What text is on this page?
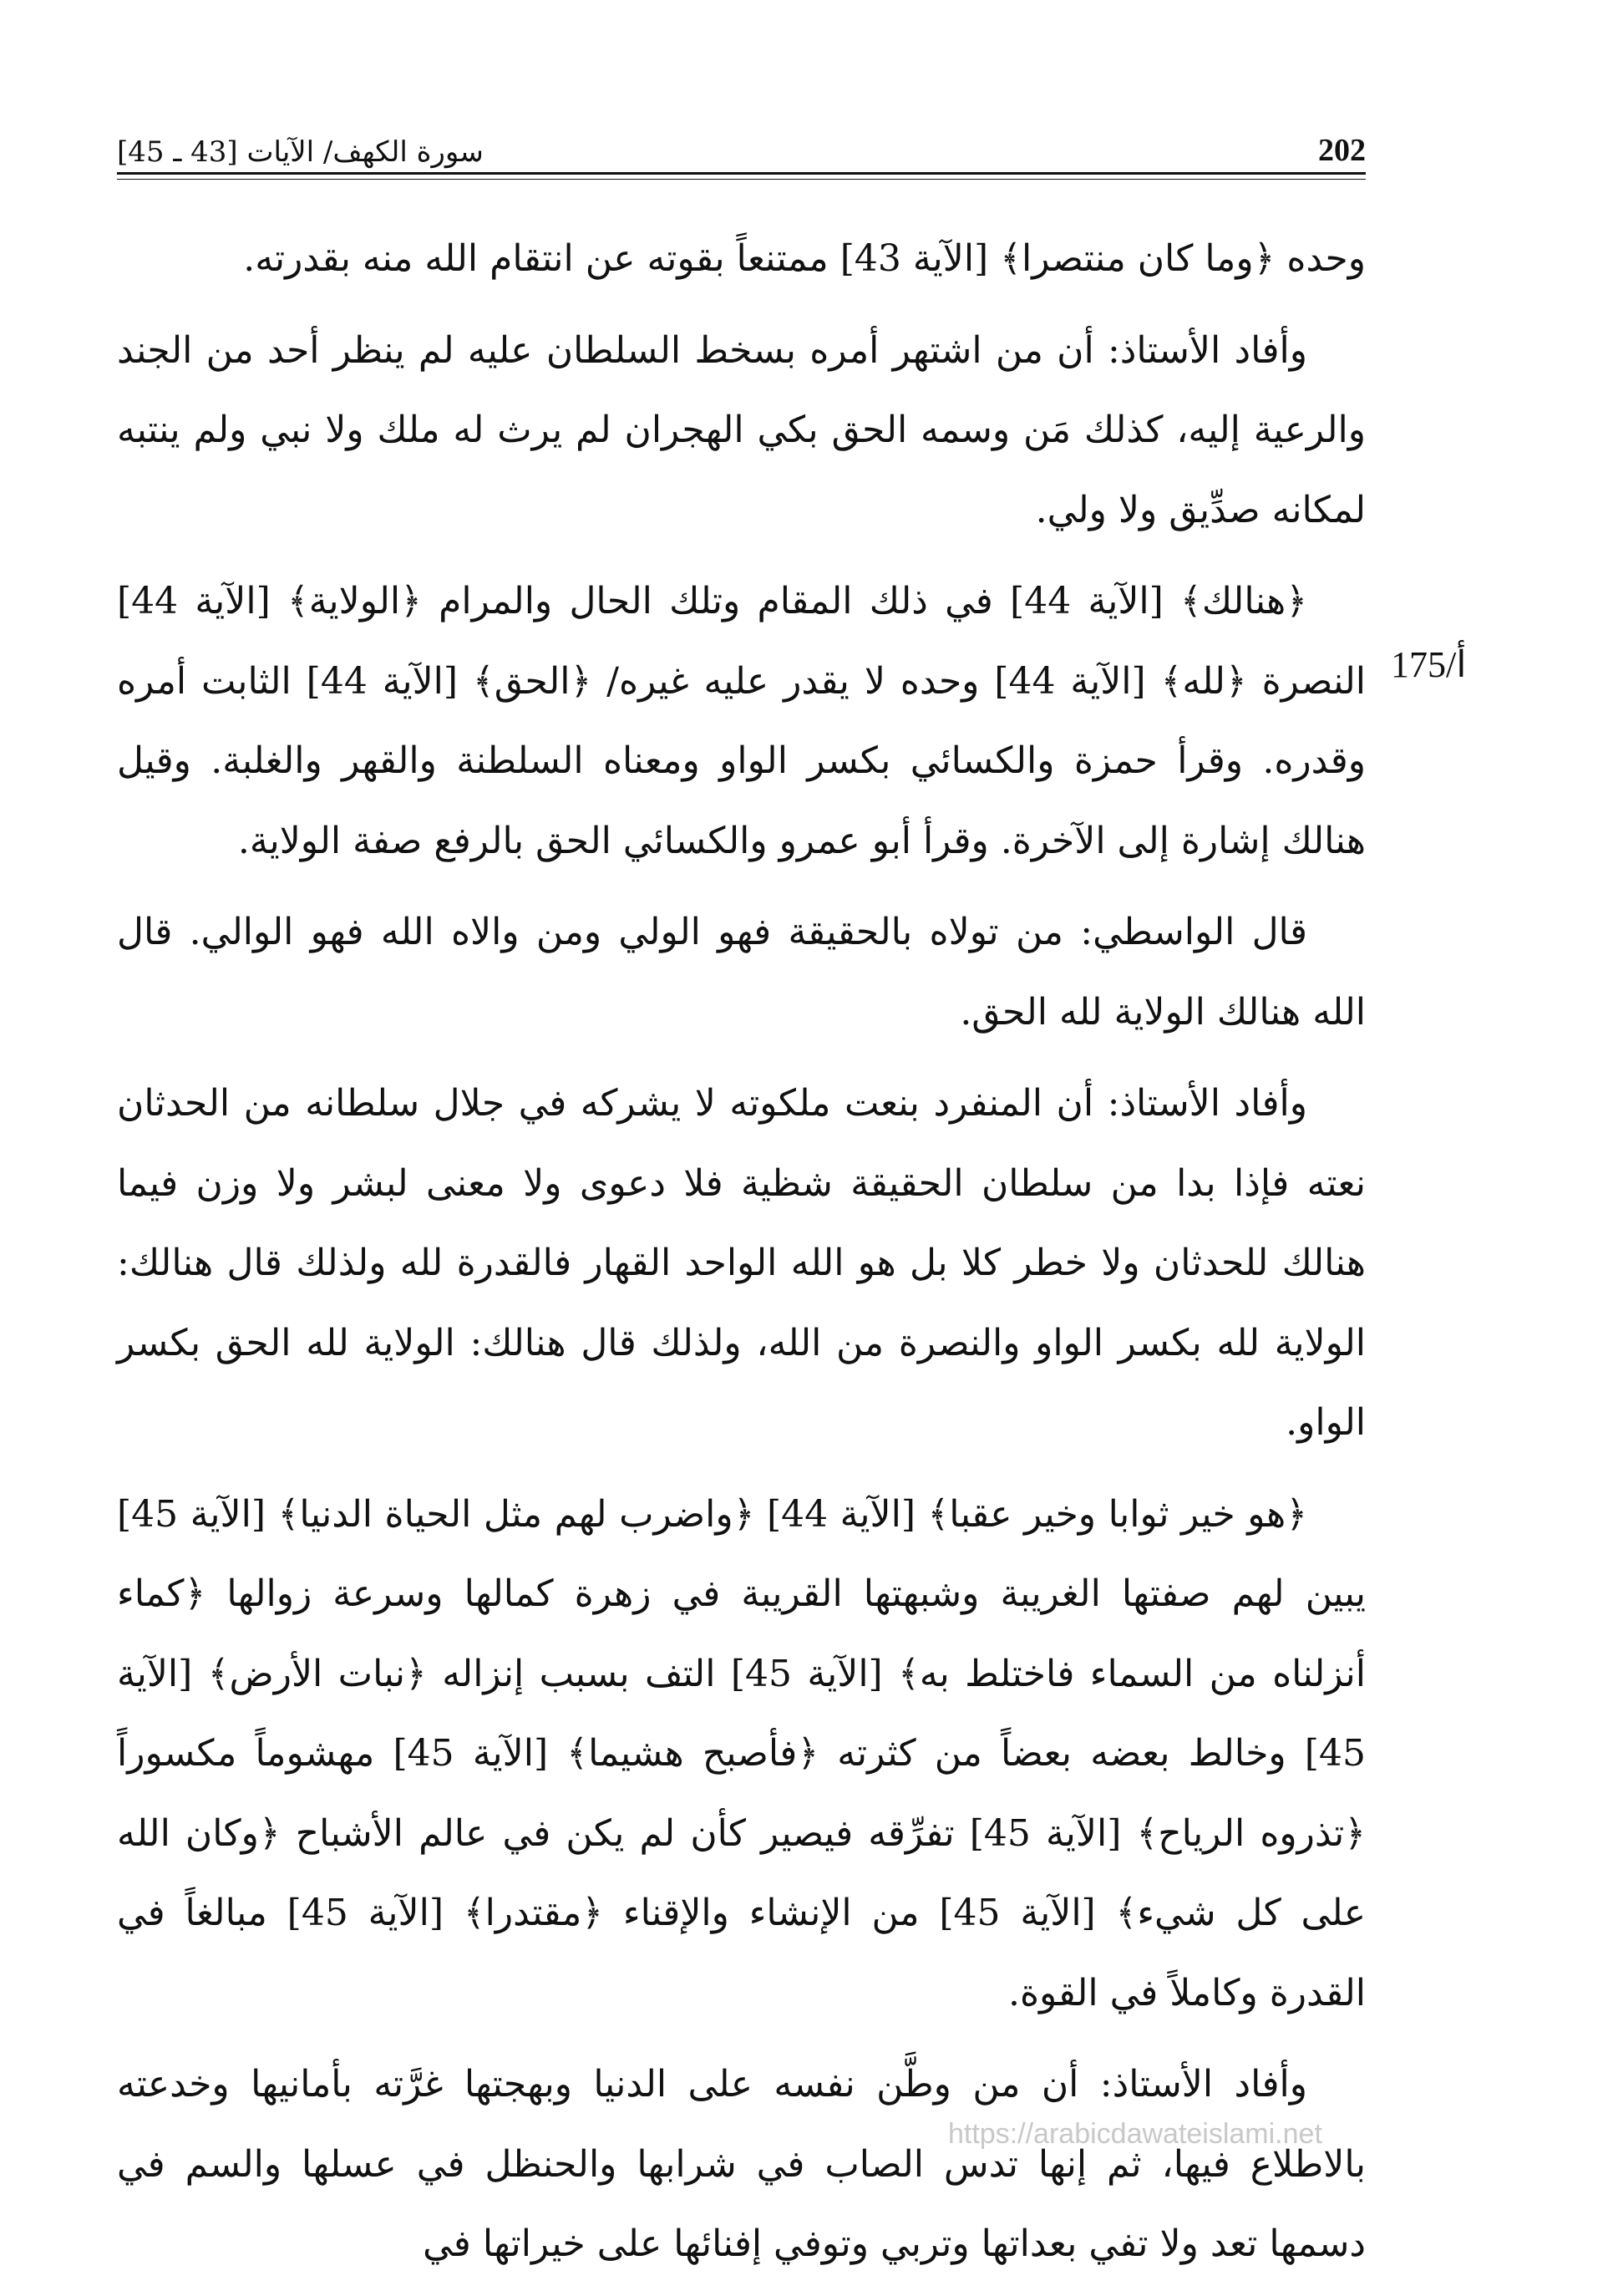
202
سورة الكهف/ الآيات [43 ـ 45]
175/أ

وحده ﴿وما كان منتصرا﴾ [الآية 43] ممتنعاً بقوته عن انتقام الله منه بقدرته.

وأفاد الأستاذ: أن من اشتهر أمره بسخط السلطان عليه لم ينظر أحد من الجند والرعية إليه، كذلك مَن وسمه الحق بكي الهجران لم يرث له ملك ولا نبي ولم ينتبه لمكانه صدِّيق ولا ولي.

﴿هنالك﴾ [الآية 44] في ذلك المقام وتلك الحال والمرام ﴿الولاية﴾ [الآية 44] النصرة ﴿لله﴾ [الآية 44] وحده لا يقدر عليه غيره/ ﴿الحق﴾ [الآية 44] الثابت أمره وقدره. وقرأ حمزة والكسائي بكسر الواو ومعناه السلطنة والقهر والغلبة. وقيل هنالك إشارة إلى الآخرة. وقرأ أبو عمرو والكسائي الحق بالرفع صفة الولاية.

قال الواسطي: من تولاه بالحقيقة فهو الولي ومن والاه الله فهو الوالي. قال الله هنالك الولاية لله الحق.

وأفاد الأستاذ: أن المنفرد بنعت ملكوته لا يشركه في جلال سلطانه من الحدثان نعته فإذا بدا من سلطان الحقيقة شظية فلا دعوى ولا معنى لبشر ولا وزن فيما هنالك للحدثان ولا خطر كلا بل هو الله الواحد القهار فالقدرة لله ولذلك قال هنالك: الولاية لله بكسر الواو والنصرة من الله، ولذلك قال هنالك: الولاية لله الحق بكسر الواو.

﴿هو خير ثوابا وخير عقبا﴾ [الآية 44] ﴿واضرب لهم مثل الحياة الدنيا﴾ [الآية 45] يبين لهم صفتها الغريبة وشبهتها القريبة في زهرة كمالها وسرعة زوالها ﴿كماء أنزلناه من السماء فاختلط به﴾ [الآية 45] التف بسبب إنزاله ﴿نبات الأرض﴾ [الآية 45] وخالط بعضه بعضاً من كثرته ﴿فأصبح هشيما﴾ [الآية 45] مهشوماً مكسوراً ﴿تذروه الرياح﴾ [الآية 45] تفرِّقه فيصير كأن لم يكن في عالم الأشباح ﴿وكان الله على كل شيء﴾ [الآية 45] من الإنشاء والإقناء ﴿مقتدرا﴾ [الآية 45] مبالغاً في القدرة وكاملاً في القوة.

وأفاد الأستاذ: أن من وطَّن نفسه على الدنيا وبهجتها غرَّته بأمانيها وخدعته بالاطلاع فيها، ثم إنها تدس الصاب في شرابها والحنظل في عسلها والسم في دسمها تعد ولا تفي بعداتها وتربي وتوفي إفنائها على خيراتها في

https://arabicdawateislami.net
